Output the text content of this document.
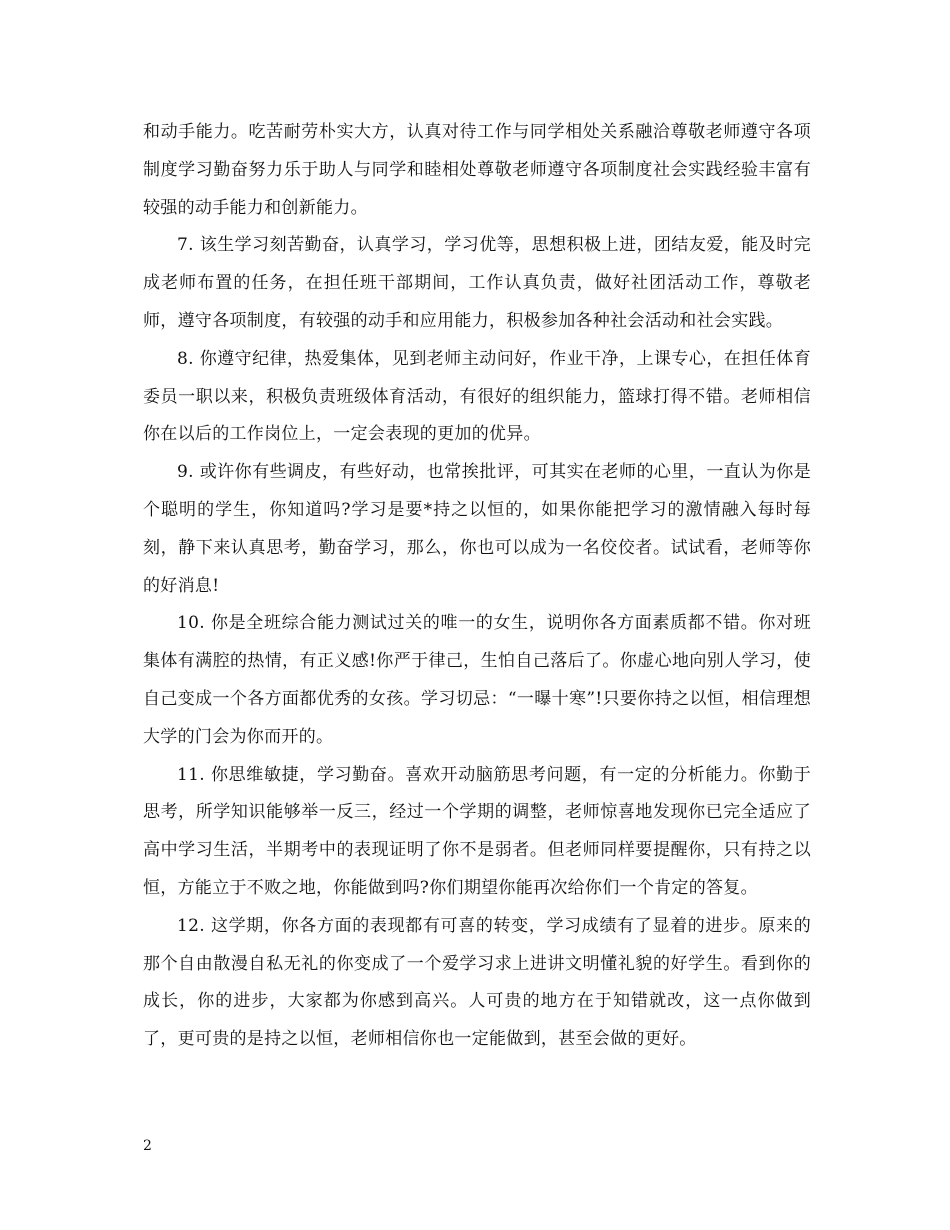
和动手能力。吃苦耐劳朴实大方，认真对待工作与同学相处关系融洽尊敬老师遵守各项制度学习勤奋努力乐于助人与同学和睦相处尊敬老师遵守各项制度社会实践经验丰富有较强的动手能力和创新能力。

7. 该生学习刻苦勤奋，认真学习，学习优等，思想积极上进，团结友爱，能及时完成老师布置的任务，在担任班干部期间，工作认真负责，做好社团活动工作，尊敬老师，遵守各项制度，有较强的动手和应用能力，积极参加各种社会活动和社会实践。

8. 你遵守纪律，热爱集体，见到老师主动问好，作业干净，上课专心，在担任体育委员一职以来，积极负责班级体育活动，有很好的组织能力，篮球打得不错。老师相信你在以后的工作岗位上，一定会表现的更加的优异。

9. 或许你有些调皮，有些好动，也常挨批评，可其实在老师的心里，一直认为你是个聪明的学生，你知道吗?学习是要*持之以恒的，如果你能把学习的激情融入每时每刻，静下来认真思考，勤奋学习，那么，你也可以成为一名佼佼者。试试看，老师等你的好消息!

10. 你是全班综合能力测试过关的唯一的女生，说明你各方面素质都不错。你对班集体有满腔的热情，有正义感!你严于律己，生怕自己落后了。你虚心地向别人学习，使自己变成一个各方面都优秀的女孩。学习切忌：“一曝十寒”!只要你持之以恒，相信理想大学的门会为你而开的。

11. 你思维敏捷，学习勤奋。喜欢开动脑筋思考问题，有一定的分析能力。你勤于思考，所学知识能够举一反三，经过一个学期的调整，老师惊喜地发现你已完全适应了高中学习生活，半期考中的表现证明了你不是弱者。但老师同样要提醒你，只有持之以恒，方能立于不败之地，你能做到吗?你们期望你能再次给你们一个肯定的答复。

12. 这学期，你各方面的表现都有可喜的转变，学习成绩有了显着的进步。原来的那个自由散漫自私无礼的你变成了一个爱学习求上进讲文明懂礼貌的好学生。看到你的成长，你的进步，大家都为你感到高兴。人可贵的地方在于知错就改，这一点你做到了，更可贵的是持之以恒，老师相信你也一定能做到，甚至会做的更好。

2
